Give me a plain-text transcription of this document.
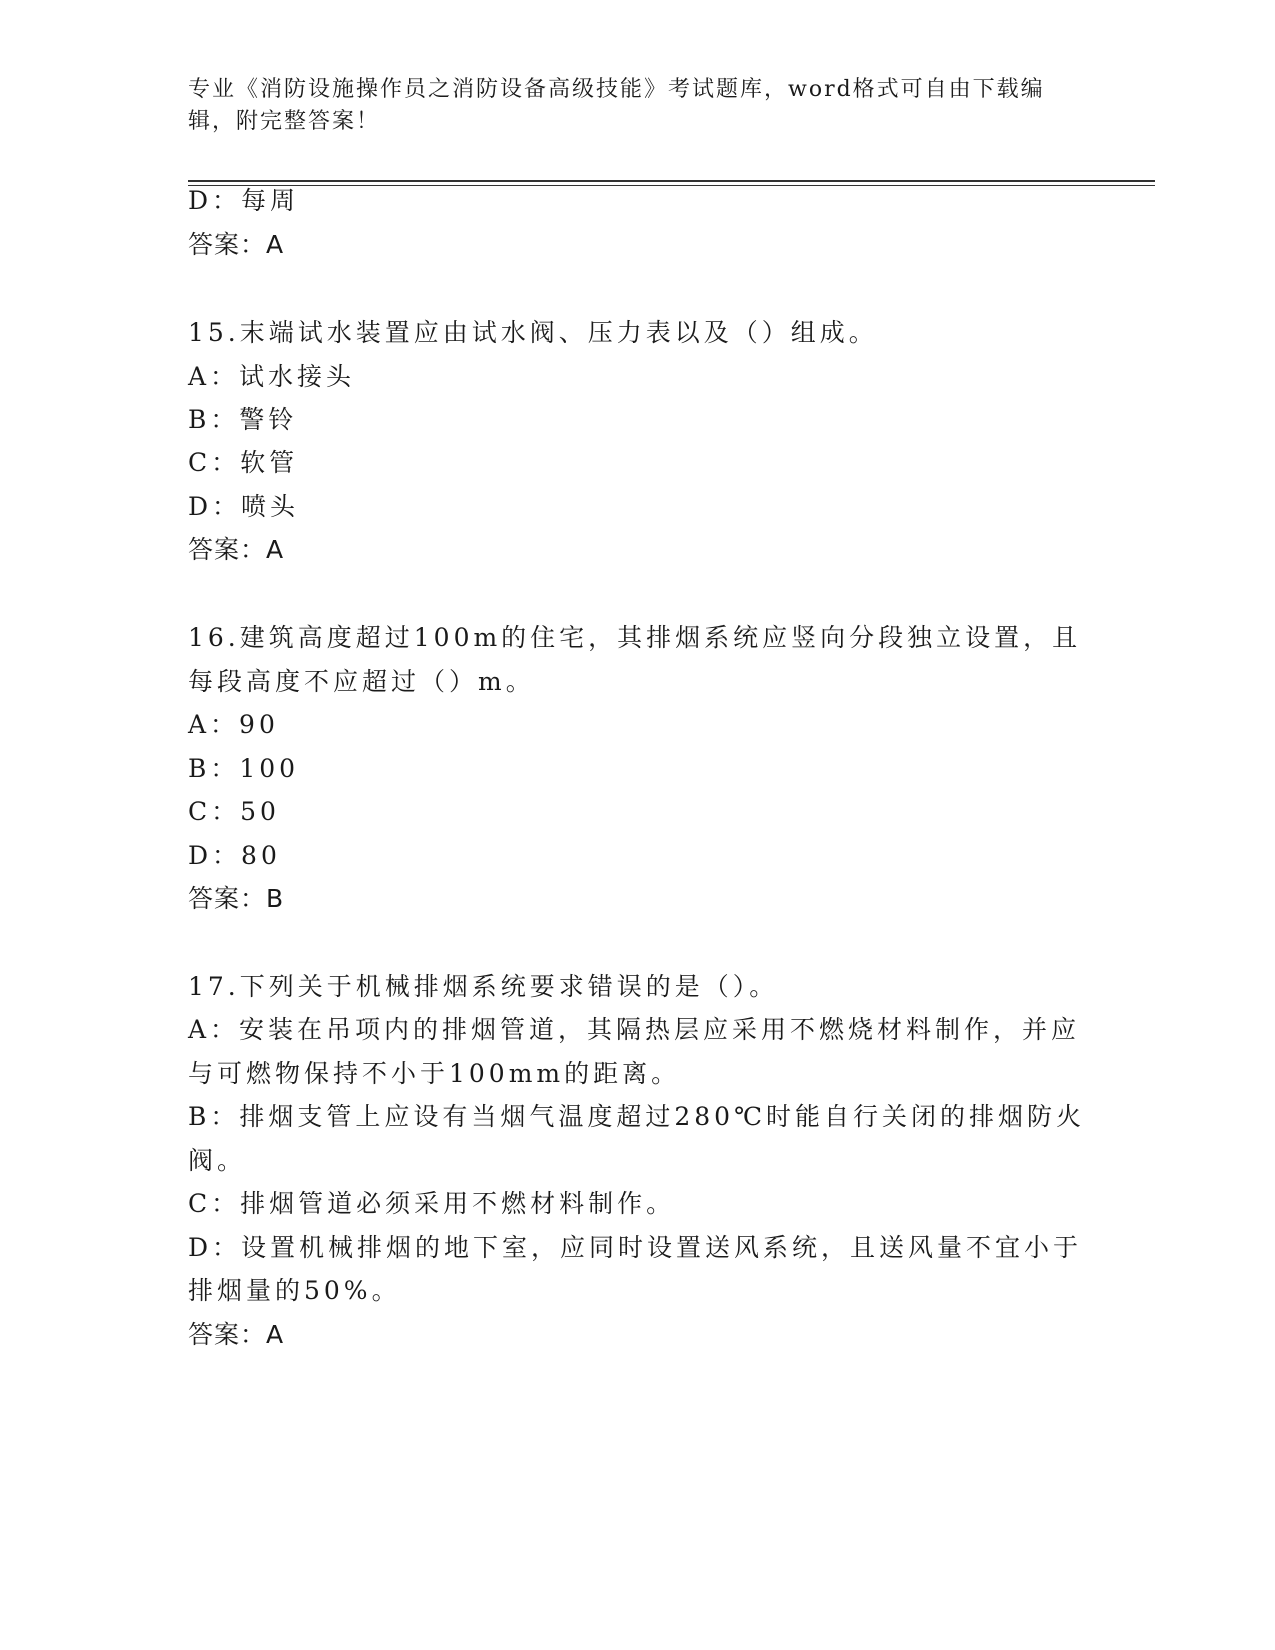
专业《消防设施操作员之消防设备高级技能》考试题库，word格式可自由下载编
辑，附完整答案！
D：每周
答案：A
15.末端试水装置应由试水阀、压力表以及（）组成。
A：试水接头
B：警铃
C：软管
D：喷头
答案：A
16.建筑高度超过100m的住宅，其排烟系统应竖向分段独立设置，且
每段高度不应超过（）m。
A：90
B：100
C：50
D：80
答案：B
17.下列关于机械排烟系统要求错误的是（）。
A：安装在吊项内的排烟管道，其隔热层应采用不燃烧材料制作，并应
与可燃物保持不小于100mm的距离。
B：排烟支管上应设有当烟气温度超过280℃时能自行关闭的排烟防火
阀。
C：排烟管道必须采用不燃材料制作。
D：设置机械排烟的地下室，应同时设置送风系统，且送风量不宜小于
排烟量的50%。
答案：A
